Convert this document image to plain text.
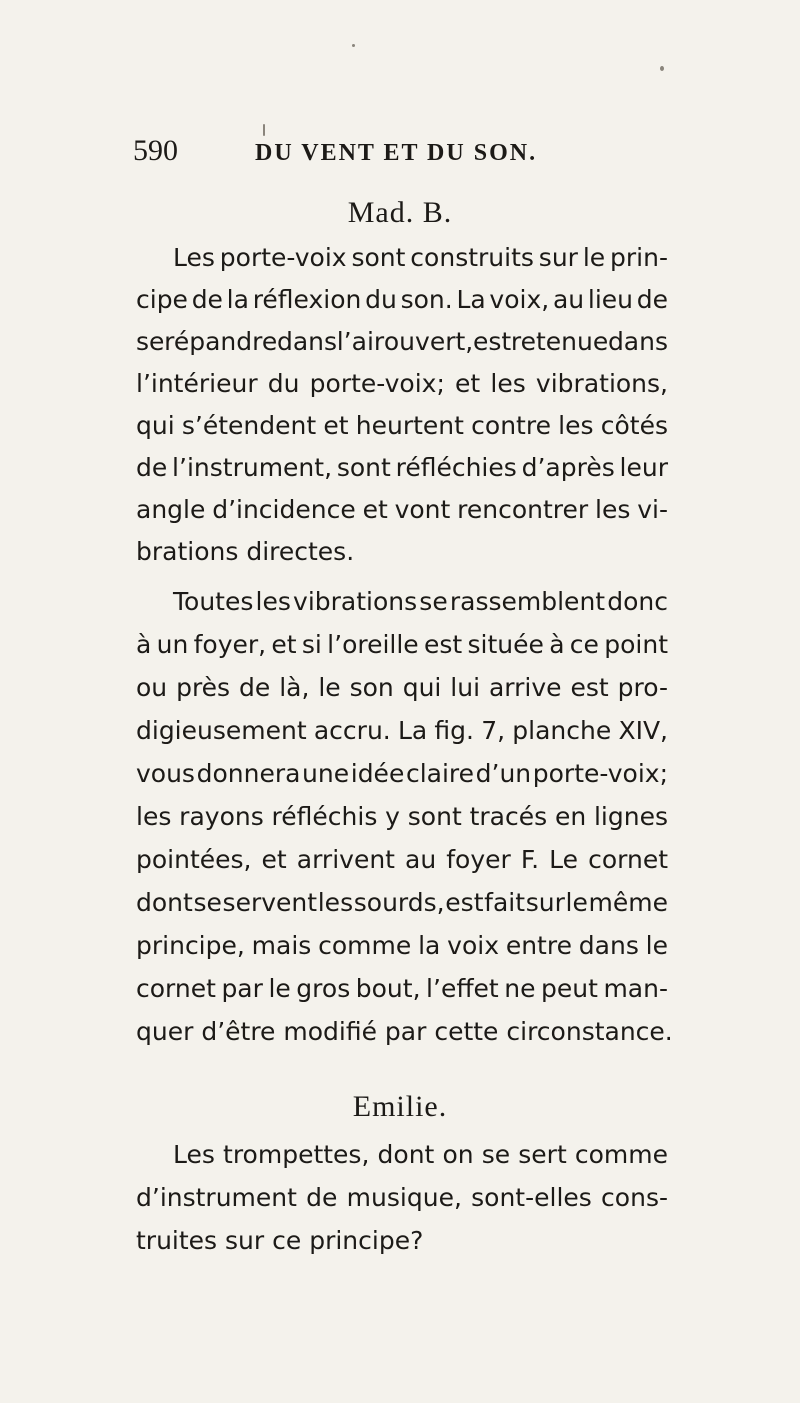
590	DU VENT ET DU SON.
Mad. B.
Les porte-voix sont construits sur le prin-
cipe de la réflexion du son. La voix, au lieu de
se répandre dans l’air ouvert, est retenue dans
l’intérieur du porte-voix; et les vibrations,
qui s’étendent et heurtent contre les côtés
de l’instrument, sont réfléchies d’après leur
angle d’incidence et vont rencontrer les vi-
brations directes.
Toutes les vibrations se rassemblent donc
à un foyer, et si l’oreille est située à ce point
ou près de là, le son qui lui arrive est pro-
digieusement accru. La fig. 7, planche XIV,
vous donnera une idée claire d’un porte-voix;
les rayons réfléchis y sont tracés en lignes
pointées, et arrivent au foyer F. Le cornet
dont se servent les sourds, est fait sur le même
principe, mais comme la voix entre dans le
cornet par le gros bout, l’effet ne peut man-
quer d’être modifié par cette circonstance.
Emilie.
Les trompettes, dont on se sert comme
d’instrument de musique, sont-elles cons-
truites sur ce principe?
